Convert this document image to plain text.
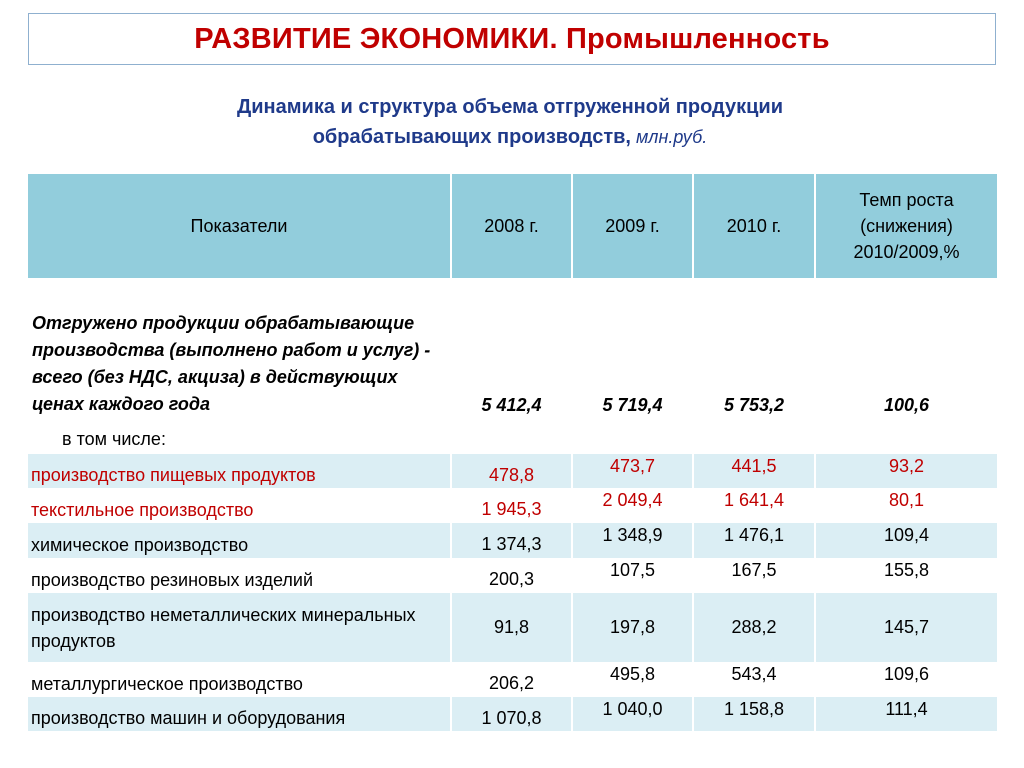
РАЗВИТИЕ ЭКОНОМИКИ. Промышленность
Динамика и структура объема отгруженной продукции
обрабатывающих производств, млн.руб.
Показатели	2008 г.	2009 г.	2010 г.	Темп роста (снижения) 2010/2009,%
Отгружено продукции обрабатывающие производства (выполнено работ и услуг) - всего (без НДС, акциза) в действующих ценах каждого года	5 412,4	5 719,4	5 753,2	100,6
в том числе:				
производство пищевых продуктов	478,8	473,7	441,5	93,2
текстильное производство	1 945,3	2 049,4	1 641,4	80,1
химическое производство	1 374,3	1 348,9	1 476,1	109,4
производство резиновых изделий	200,3	107,5	167,5	155,8
производство неметаллических минеральных продуктов	91,8	197,8	288,2	145,7
металлургическое производство	206,2	495,8	543,4	109,6
производство машин и оборудования	1 070,8	1 040,0	1 158,8	111,4
